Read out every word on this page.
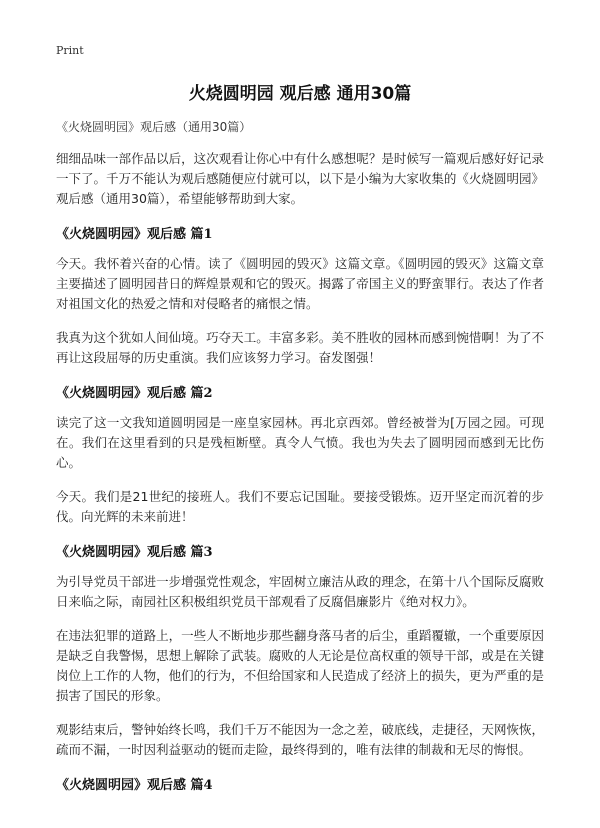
Print
火烧圆明园 观后感 通用30篇
《火烧圆明园》观后感（通用30篇）

细细品味一部作品以后，这次观看让你心中有什么感想呢？是时候写一篇观后感好好记录一下了。千万不能认为观后感随便应付就可以，以下是小编为大家收集的《火烧圆明园》观后感（通用30篇），希望能够帮助到大家。

《火烧圆明园》观后感 篇1

今天。我怀着兴奋的心情。读了《圆明园的毁灭》这篇文章。《圆明园的毁灭》这篇文章主要描述了圆明园昔日的辉煌景观和它的毁灭。揭露了帝国主义的野蛮罪行。表达了作者对祖国文化的热爱之情和对侵略者的痛恨之情。

我真为这个犹如人间仙境。巧夺天工。丰富多彩。美不胜收的园林而感到惋惜啊！为了不再让这段屈辱的历史重演。我们应该努力学习。奋发图强！

《火烧圆明园》观后感 篇2

读完了这一文我知道圆明园是一座皇家园林。再北京西郊。曾经被誉为[万园之园。可现在。我们在这里看到的只是残桓断壁。真令人气愤。我也为失去了圆明园而感到无比伤心。

今天。我们是21世纪的接班人。我们不要忘记国耻。要接受锻炼。迈开坚定而沉着的步伐。向光辉的未来前进！

《火烧圆明园》观后感 篇3

为引导党员干部进一步增强党性观念，牢固树立廉洁从政的理念，在第十八个国际反腐败日来临之际，南园社区积极组织党员干部观看了反腐倡廉影片《绝对权力》。

在违法犯罪的道路上，一些人不断地步那些翻身落马者的后尘，重蹈覆辙，一个重要原因是缺乏自我警惕，思想上解除了武装。腐败的人无论是位高权重的领导干部，或是在关键岗位上工作的人物，他们的行为，不但给国家和人民造成了经济上的损失，更为严重的是损害了国民的形象。

观影结束后，警钟始终长鸣，我们千万不能因为一念之差，破底线，走捷径，天网恢恢，疏而不漏，一时因利益驱动的铤而走险，最终得到的，唯有法律的制裁和无尽的悔恨。

《火烧圆明园》观后感 篇4
